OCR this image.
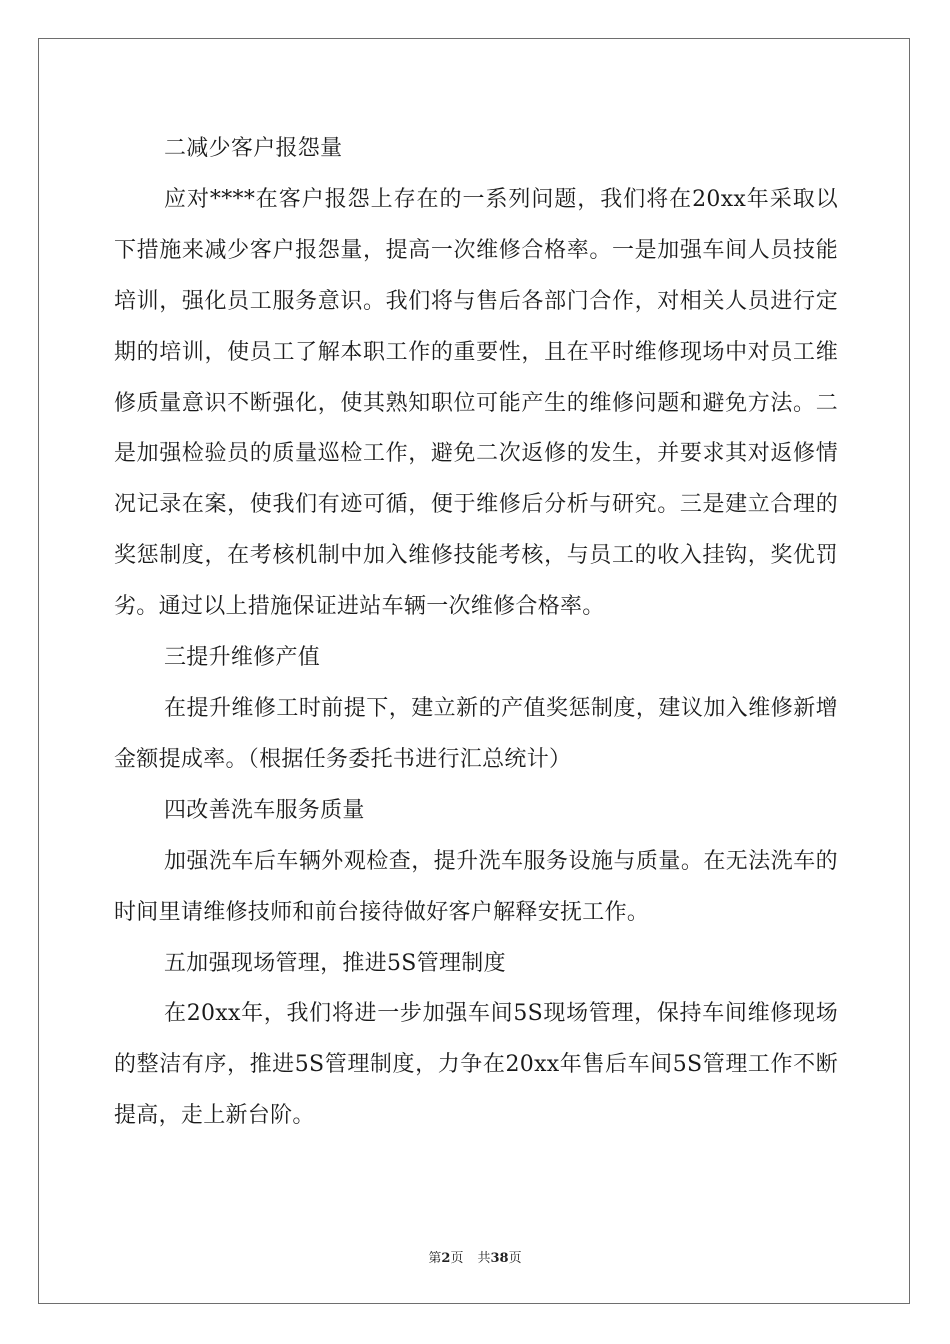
二减少客户报怨量

应对****在客户报怨上存在的一系列问题，我们将在20xx年采取以下措施来减少客户报怨量，提高一次维修合格率。一是加强车间人员技能培训，强化员工服务意识。我们将与售后各部门合作，对相关人员进行定期的培训，使员工了解本职工作的重要性，且在平时维修现场中对员工维修质量意识不断强化，使其熟知职位可能产生的维修问题和避免方法。二是加强检验员的质量巡检工作，避免二次返修的发生，并要求其对返修情况记录在案，使我们有迹可循，便于维修后分析与研究。三是建立合理的奖惩制度，在考核机制中加入维修技能考核，与员工的收入挂钩，奖优罚劣。通过以上措施保证进站车辆一次维修合格率。

三提升维修产值

在提升维修工时前提下，建立新的产值奖惩制度，建议加入维修新增金额提成率。（根据任务委托书进行汇总统计）

四改善洗车服务质量

加强洗车后车辆外观检查，提升洗车服务设施与质量。在无法洗车的时间里请维修技师和前台接待做好客户解释安抚工作。

五加强现场管理，推进5S管理制度

在20xx年，我们将进一步加强车间5S现场管理，保持车间维修现场的整洁有序，推进5S管理制度，力争在20xx年售后车间5S管理工作不断提高，走上新台阶。

第2页 共38页
